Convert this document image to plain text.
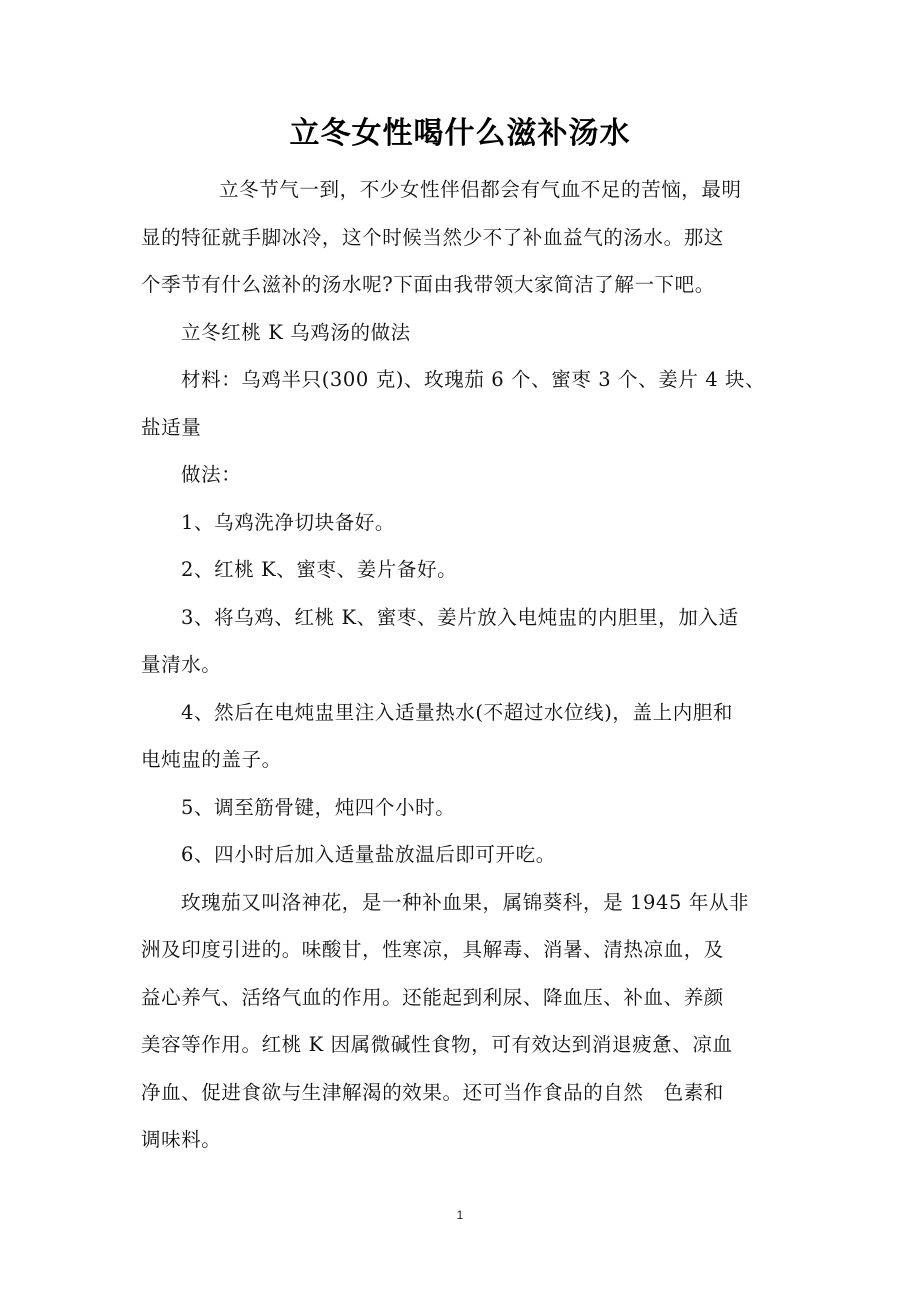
立冬女性喝什么滋补汤水
立冬节气一到，不少女性伴侣都会有气血不足的苦恼，最明
显的特征就手脚冰冷，这个时候当然少不了补血益气的汤水。那这
个季节有什么滋补的汤水呢?下面由我带领大家简洁了解一下吧。
立冬红桃 K 乌鸡汤的做法
材料：乌鸡半只(300 克)、玫瑰茄 6 个、蜜枣 3 个、姜片 4 块、
盐适量
做法：
1、乌鸡洗净切块备好。
2、红桃 K、蜜枣、姜片备好。
3、将乌鸡、红桃 K、蜜枣、姜片放入电炖盅的内胆里，加入适
量清水。
4、然后在电炖盅里注入适量热水(不超过水位线)，盖上内胆和
电炖盅的盖子。
5、调至筋骨键，炖四个小时。
6、四小时后加入适量盐放温后即可开吃。
玫瑰茄又叫洛神花，是一种补血果，属锦葵科，是 1945 年从非
洲及印度引进的。味酸甘，性寒凉，具解毒、消暑、清热凉血，及
益心养气、活络气血的作用。还能起到利尿、降血压、补血、养颜
美容等作用。红桃 K 因属微碱性食物，可有效达到消退疲惫、凉血
净血、促进食欲与生津解渴的效果。还可当作食品的自然　色素和
调味料。
1
